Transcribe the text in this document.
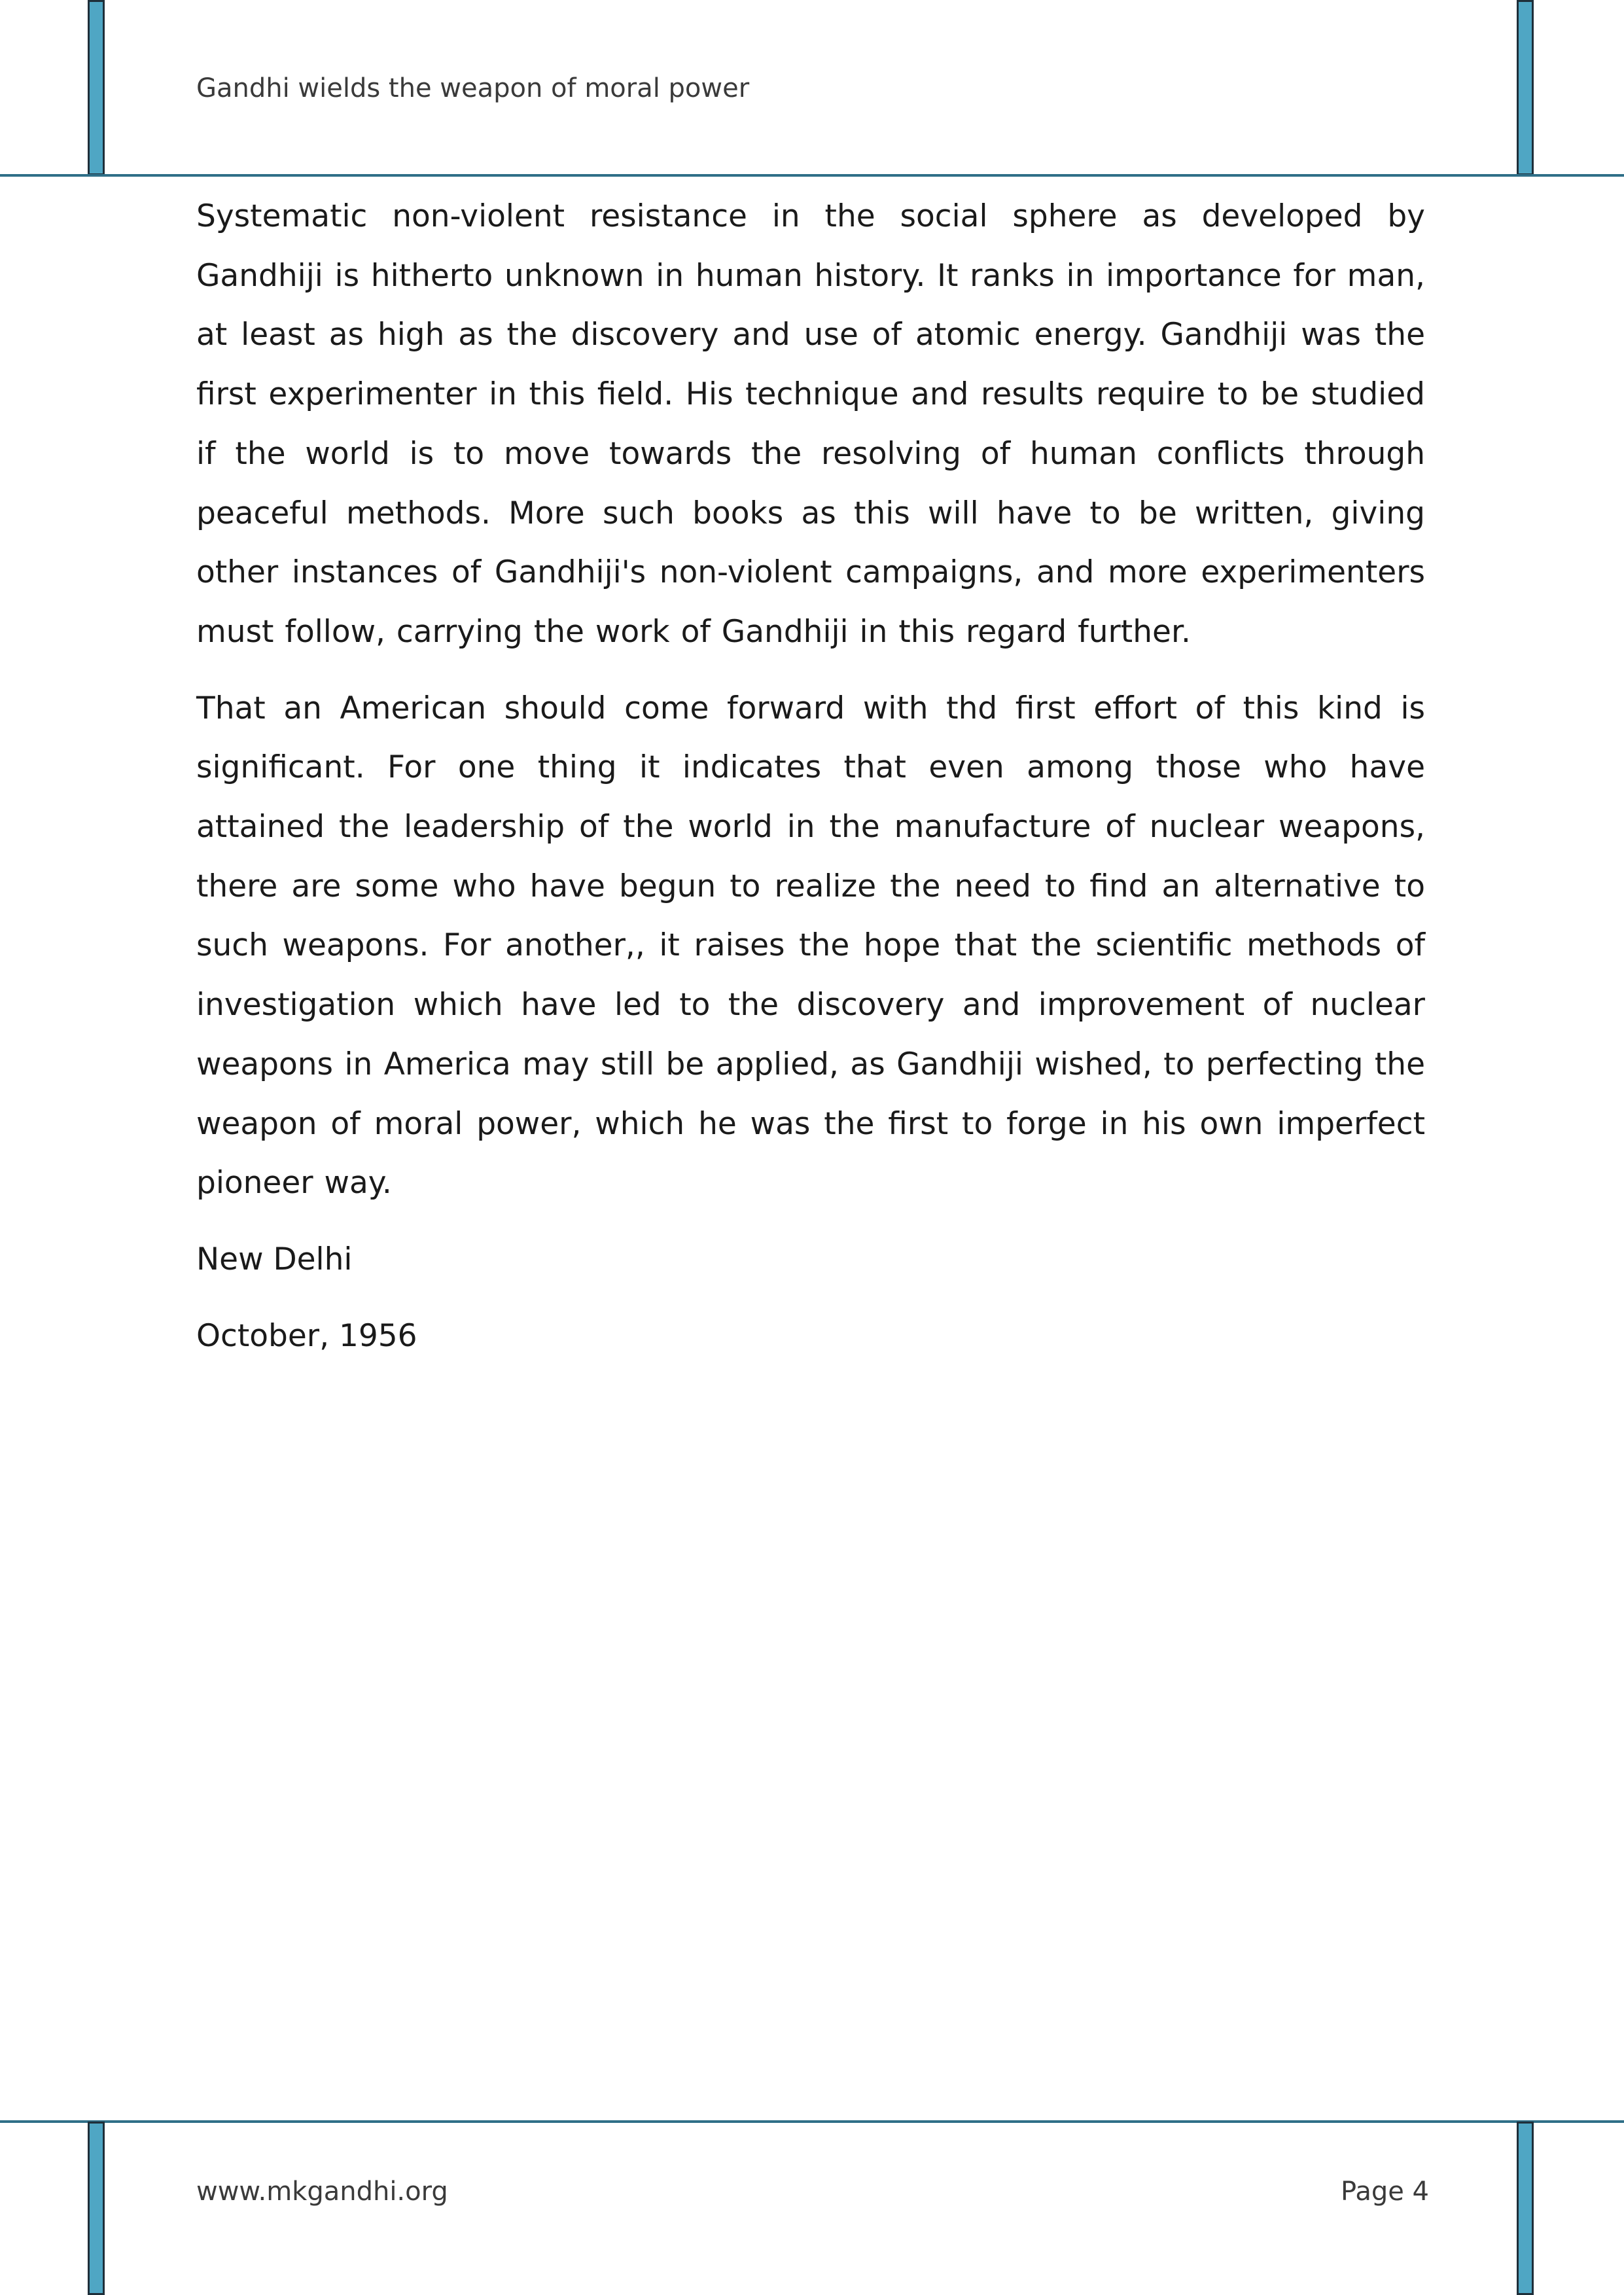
Gandhi wields the weapon of moral power

Systematic non-violent resistance in the social sphere as developed by Gandhiji is hitherto unknown in human history. It ranks in importance for man, at least as high as the discovery and use of atomic energy. Gandhiji was the first experimenter in this field. His technique and results require to be studied if the world is to move towards the resolving of human conflicts through peaceful methods. More such books as this will have to be written, giving other instances of Gandhiji's non-violent campaigns, and more experimenters must follow, carrying the work of Gandhiji in this regard further.

That an American should come forward with thd first effort of this kind is significant. For one thing it indicates that even among those who have attained the leadership of the world in the manufacture of nuclear weapons, there are some who have begun to realize the need to find an alternative to such weapons. For another,, it raises the hope that the scientific methods of investigation which have led to the discovery and improvement of nuclear weapons in America may still be applied, as Gandhiji wished, to perfecting the weapon of moral power, which he was the first to forge in his own imperfect pioneer way.

New Delhi

October, 1956

www.mkgandhi.org	Page 4
